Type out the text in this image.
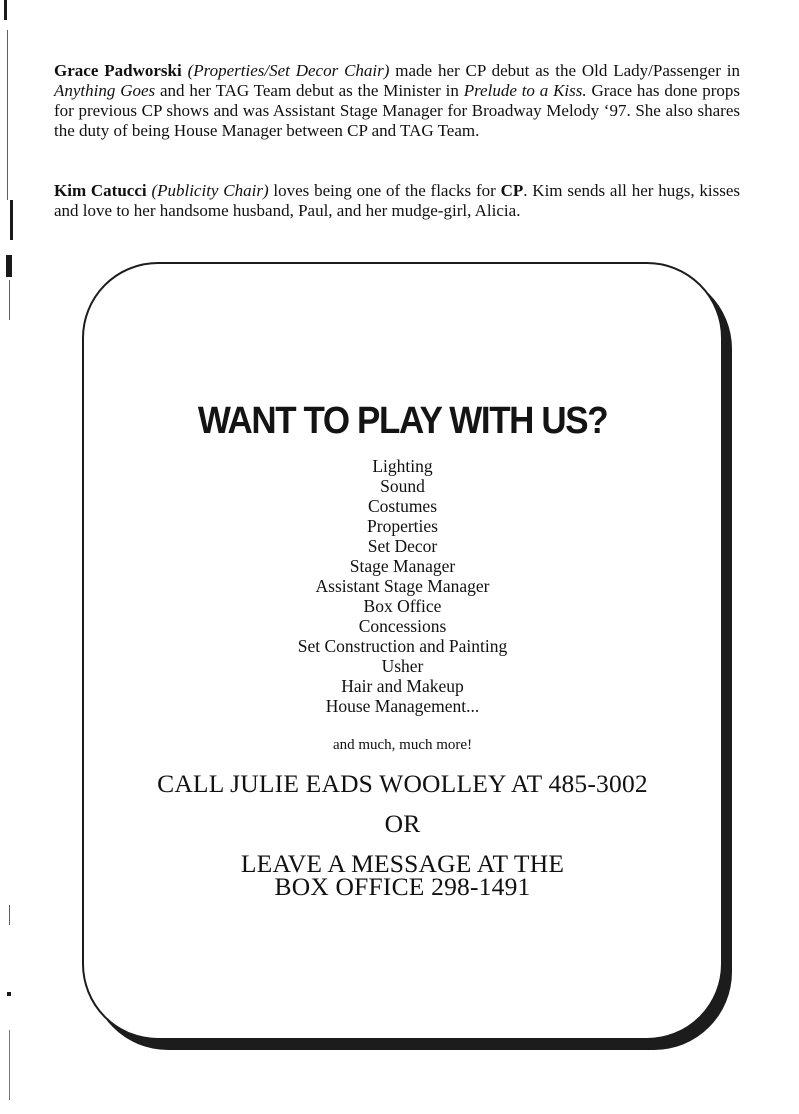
Grace Padworski (Properties/Set Decor Chair) made her CP debut as the Old Lady/Passenger in Anything Goes and her TAG Team debut as the Minister in Prelude to a Kiss. Grace has done props for previous CP shows and was Assistant Stage Manager for Broadway Melody ‘97. She also shares the duty of being House Manager between CP and TAG Team.

Kim Catucci (Publicity Chair) loves being one of the flacks for CP. Kim sends all her hugs, kisses and love to her handsome husband, Paul, and her mudge-girl, Alicia.

WANT TO PLAY WITH US?
Lighting
Sound
Costumes
Properties
Set Decor
Stage Manager
Assistant Stage Manager
Box Office
Concessions
Set Construction and Painting
Usher
Hair and Makeup
House Management...
and much, much more!
CALL JULIE EADS WOOLLEY AT 485-3002
OR
LEAVE A MESSAGE AT THE
BOX OFFICE 298-1491
